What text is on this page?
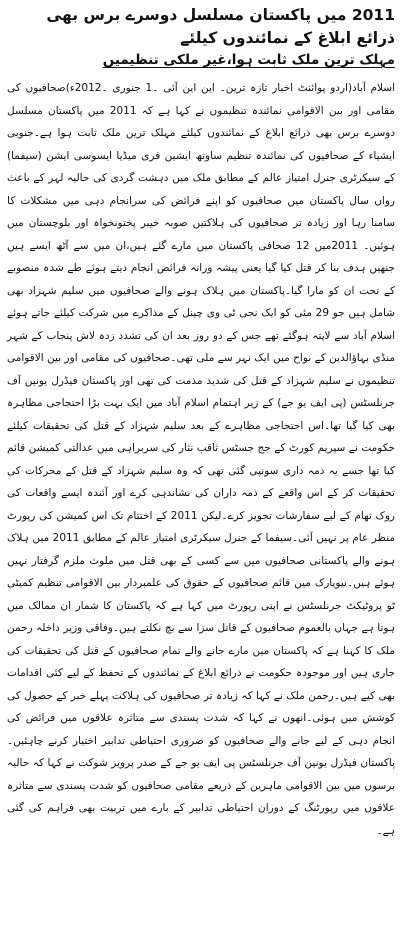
2011 میں پاکستان مسلسل دوسرے برس بھی ذرائع ابلاغ کے نمائندوں کیلئے
مہلک ترین ملک ثابت ہوا،غیر ملکی تنظیمیں

اسلام آباد(اردو پوائنٹ اخبار تازہ ترین۔ این این آئی ۔1 جنوری ۔2012ء)صحافیوں کی مقامی اور بین الاقوامی نمائندہ تنظیموں نے کہا ہے کہ 2011 میں پاکستان مسلسل دوسرے برس بھی ذرائع ابلاغ کے نمائندوں کیلئے مہلک ترین ملک ثابت ہوا ہے۔جنوبی ایشیاء کے صحافیوں کی نمائندہ تنظیم ساوتھ ایشین فری میڈیا ایسوسی ایشن (سیفما) کے سیکرٹری جنرل امتیاز عالم کے مطابق ملک میں دہشت گردی کی حالیہ لہر کے باعث رواں سال پاکستان میں صحافیوں کو اپنے فرائض کی سرانجام دہی میں مشکلات کا سامنا رہا اور زیادہ تر صحافیوں کی ہلاکتیں صوبہ خیبر پختونخواہ اور بلوچستان میں ہوئیں۔ 2011میں 12 صحافی پاکستان میں مارے گئے ہیں،ان میں سے آٹھ ایسے ہیں جنھیں ہدف بنا کر قتل کیا گیا یعنی پیشہ ورانہ فرائض انجام دیتے ہوئے طے شدہ منصوبے کے تحت ان کو مارا گیا۔پاکستان میں ہلاک ہونے والے صحافیوں میں سلیم شہزاد بھی شامل ہیں جو 29 مئی کو ایک نجی ٹی وی چینل کے مذاکرے میں شرکت کیلئے جاتے ہوئے اسلام آباد سے لاپتہ ہوگئے تھے جس کے دو روز بعد ان کی تشدد زدہ لاش پنجاب کے شہر منڈی بہاؤالدین کے نواح میں ایک نہر سے ملی تھی۔صحافیوں کی مقامی اور بین الاقوامی تنظیموں نے سلیم شہزاد کے قتل کی شدید مذمت کی تھی اور پاکستان فیڈرل یونین آف جرنلسٹس (پی ایف یو جے) کے زیر اہتمام اسلام آباد میں ایک بہت بڑا احتجاجی مظاہرہ بھی کیا گیا تھا۔اس احتجاجی مظاہرے کے بعد سلیم شہزاد کے قتل کی تحقیقات کیلئے حکومت نے سپریم کورٹ کے جج جسٹس ثاقب نثار کی سربراہی میں عدالتی کمیشن قائم کیا تھا جسے یہ ذمہ داری سونپی گئی تھی کہ وہ سلیم شہزاد کے قتل کے محرکات کی تحقیقات کر کے اس واقعے کے ذمہ داران کی نشاندہی کرے اور آئندہ ایسے واقعات کی روک تھام کے لیے سفارشات تجویز کرے۔لیکن 2011 کے اختتام تک اس کمیشن کی رپورٹ منظر عام پر نہیں آئی۔سیفما کے جنرل سیکرٹری امتیاز عالم کے مطابق 2011 میں ہلاک ہونے والے پاکستانی صحافیوں میں سے کسی کے بھی قتل میں ملوث ملزم گرفتار نہیں ہوئے ہیں۔نیویارک میں قائم صحافیوں کے حقوق کی علمبردار بین الاقوامی تنظیم کمیٹی ٹو پروٹیکٹ جرنلسٹس نے اپنی رپورٹ میں کہا ہے کہ پاکستان کا شمار ان ممالک میں ہوتا ہے جہاں بالعموم صحافیوں کے قاتل سزا سے بچ نکلتے ہیں۔وفاقی وزیر داخلہ رحمن ملک کا کہنا ہے کہ پاکستان میں مارے جانے والے تمام صحافیوں کے قتل کی تحقیقات کی جاری ہیں اور موجودہ حکومت نے ذرائع ابلاغ کے نمائندوں کے تحفظ کے لیے کئی اقدامات بھی کیے ہیں۔رحمن ملک نے کہا کہ زیادہ تر صحافیوں کی ہلاکت پہلے خبر کے حصول کی کوشش میں ہوئی۔انھوں نے کہا کہ شدت پسندی سے متاثرہ علاقوں میں فرائض کی انجام دہی کے لیے جانے والے صحافیوں کو ضروری احتیاطی تدابیر اختیار کرنے چاہئیں۔پاکستان فیڈرل یونین آف جرنلسٹس پی ایف یو جے کے صدر پرویز شوکت نے کہا کہ حالیہ برسوں میں بین الاقوامی ماہرین کے ذریعے مقامی صحافیوں کو شدت پسندی سے متاثرہ علاقوں میں رپورٹنگ کے دوران احتیاطی تدابیر کے بارے میں تربیت بھی فراہم کی گئی ہے۔
